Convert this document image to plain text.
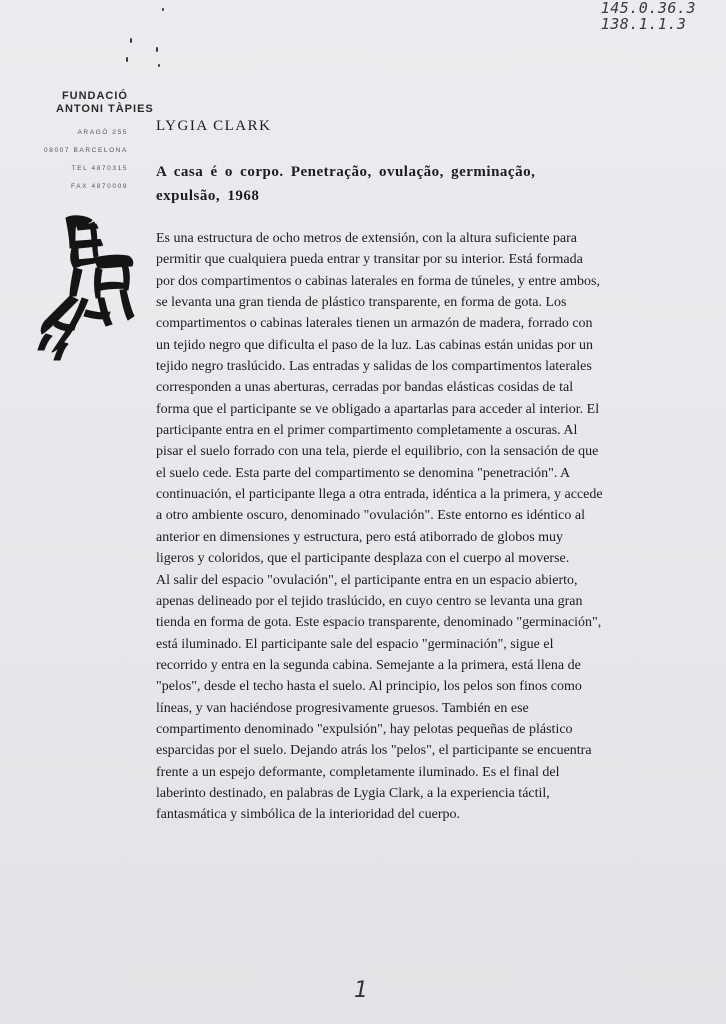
145.0.36.3
138.1.1.3
FUNDACIÓ
ANTONI TÀPIES
ARAGÓ 255
08007 BARCELONA
TEL 4870315
FAX 4870009
LYGIA CLARK
A casa é o corpo. Penetração, ovulação, germinação, expulsão, 1968

Es una estructura de ocho metros de extensión, con la altura suficiente para permitir que cualquiera pueda entrar y transitar por su interior. Está formada por dos compartimentos o cabinas laterales en forma de túneles, y entre ambos, se levanta una gran tienda de plástico transparente, en forma de gota. Los compartimentos o cabinas laterales tienen un armazón de madera, forrado con un tejido negro que dificulta el paso de la luz. Las cabinas están unidas por un tejido negro traslúcido. Las entradas y salidas de los compartimentos laterales corresponden a unas aberturas, cerradas por bandas elásticas cosidas de tal forma que el participante se ve obligado a apartarlas para acceder al interior. El participante entra en el primer compartimento completamente a oscuras. Al pisar el suelo forrado con una tela, pierde el equilibrio, con la sensación de que el suelo cede. Esta parte del compartimento se denomina "penetración". A continuación, el participante llega a otra entrada, idéntica a la primera, y accede a otro ambiente oscuro, denominado "ovulación". Este entorno es idéntico al anterior en dimensiones y estructura, pero está atiborrado de globos muy ligeros y coloridos, que el participante desplaza con el cuerpo al moverse.

Al salir del espacio "ovulación", el participante entra en un espacio abierto, apenas delineado por el tejido traslúcido, en cuyo centro se levanta una gran tienda en forma de gota. Este espacio transparente, denominado "germinación", está iluminado. El participante sale del espacio "germinación", sigue el recorrido y entra en la segunda cabina. Semejante a la primera, está llena de "pelos", desde el techo hasta el suelo. Al principio, los pelos son finos como líneas, y van haciéndose progresivamente gruesos. También en ese compartimento denominado "expulsión", hay pelotas pequeñas de plástico esparcidas por el suelo. Dejando atrás los "pelos", el participante se encuentra frente a un espejo deformante, completamente iluminado. Es el final del laberinto destinado, en palabras de Lygia Clark, a la experiencia táctil, fantasmática y simbólica de la interioridad del cuerpo.

1
